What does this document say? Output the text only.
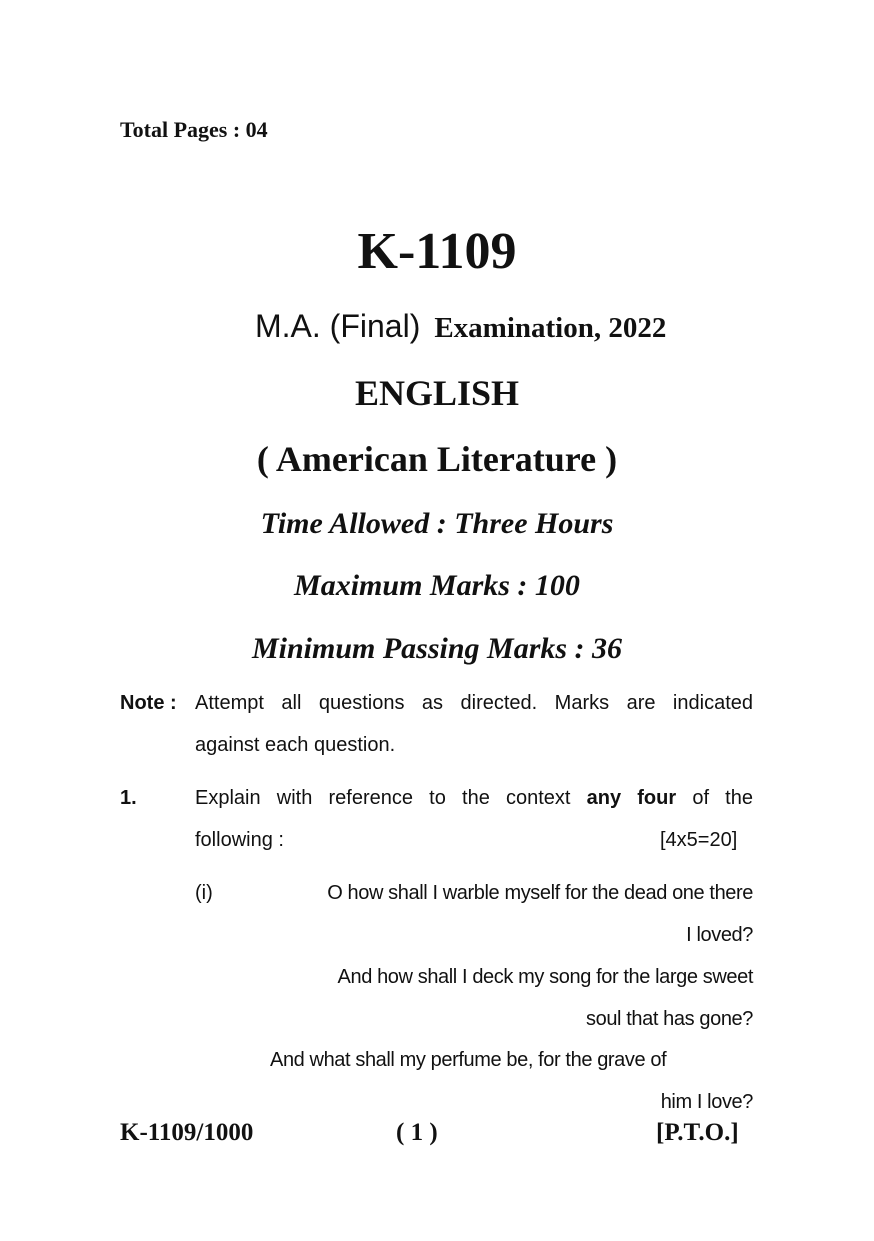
Total Pages : 04
K-1109
M.A. (Final) Examination, 2022
ENGLISH
( American Literature )
Time Allowed : Three Hours
Maximum Marks : 100
Minimum Passing Marks : 36
Note : Attempt all questions as directed. Marks are indicated
against each question.
1.	Explain with reference to the context any four of the
following :	[4x5=20]
(i)	O how shall I warble myself for the dead one there
I loved?
And how shall I deck my song for the large sweet
soul that has gone?
And what shall my perfume be, for the grave of
him I love?
K-1109/1000	( 1 )	[P.T.O.]
